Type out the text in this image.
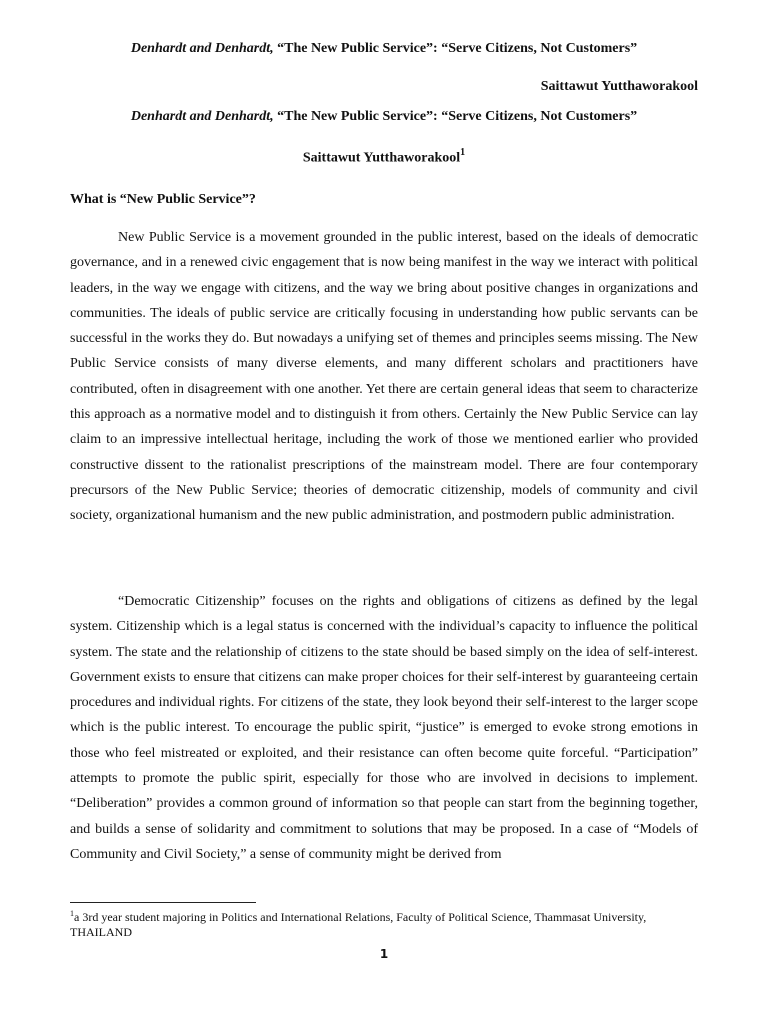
Denhardt and Denhardt, “The New Public Service”: “Serve Citizens, Not Customers”
Saittawut Yutthaworakool
Denhardt and Denhardt, “The New Public Service”: “Serve Citizens, Not Customers”
Saittawut Yutthaworakool$^1$
What is “New Public Service”?

New Public Service is a movement grounded in the public interest, based on the ideals of democratic governance, and in a renewed civic engagement that is now being manifest in the way we interact with political leaders, in the way we engage with citizens, and the way we bring about positive changes in organizations and communities. The ideals of public service are critically focusing in understanding how public servants can be successful in the works they do. But nowadays a unifying set of themes and principles seems missing. The New Public Service consists of many diverse elements, and many different scholars and practitioners have contributed, often in disagreement with one another. Yet there are certain general ideas that seem to characterize this approach as a normative model and to distinguish it from others. Certainly the New Public Service can lay claim to an impressive intellectual heritage, including the work of those we mentioned earlier who provided constructive dissent to the rationalist prescriptions of the mainstream model. There are four contemporary precursors of the New Public Service; theories of democratic citizenship, models of community and civil society, organizational humanism and the new public administration, and postmodern public administration.

“Democratic Citizenship” focuses on the rights and obligations of citizens as defined by the legal system. Citizenship which is a legal status is concerned with the individual’s capacity to influence the political system. The state and the relationship of citizens to the state should be based simply on the idea of self-interest. Government exists to ensure that citizens can make proper choices for their self-interest by guaranteeing certain procedures and individual rights. For citizens of the state, they look beyond their self-interest to the larger scope which is the public interest. To encourage the public spirit, “justice” is emerged to evoke strong emotions in those who feel mistreated or exploited, and their resistance can often become quite forceful. “Participation” attempts to promote the public spirit, especially for those who are involved in decisions to implement. “Deliberation” provides a common ground of information so that people can start from the beginning together, and builds a sense of solidarity and commitment to solutions that may be proposed. In a case of “Models of Community and Civil Society,” a sense of community might be derived from

$^1$a 3rd year student majoring in Politics and International Relations, Faculty of Political Science, Thammasat University, THAILAND
1
